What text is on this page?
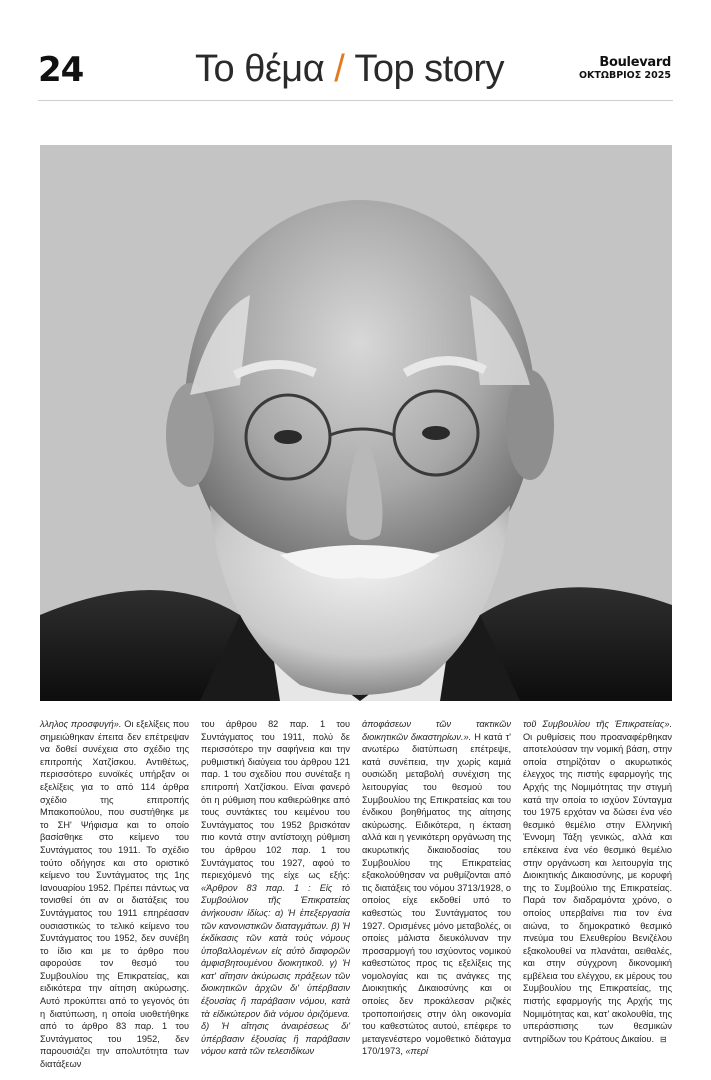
24	Το θέμα / Top story	Boulevard
ΟΚΤΩΒΡΙΟΣ 2025

λληλος προσφυγή». Οι εξελίξεις που σημειώθηκαν έπειτα δεν επέτρεψαν να δοθεί συνέχεια στο σχέδιο της επιτροπής Χατζίσκου. Αντιθέτως, περισσότερο ευνοϊκές υπήρξαν οι εξελίξεις για το από 114 άρθρα σχέδιο της επιτροπής Μπακοπούλου, που συστήθηκε με το ΣΗ' Ψήφισμα και το οποίο βασίσθηκε στο κείμενο του Συντάγματος του 1911. Το σχέδιο τούτο οδήγησε και στο οριστικό κείμενο του Συντάγματος της 1ης Ιανουαρίου 1952. Πρέπει πάντως να τονισθεί ότι αν οι διατάξεις του Συντάγματος του 1911 επηρέασαν ουσιαστικώς το τελικό κείμενο του Συντάγματος του 1952, δεν συνέβη το ίδιο και με το άρθρο που αφορούσε τον θεσμό του Συμβουλίου της Επικρατείας, και ειδικότερα την αίτηση ακύρωσης. Αυτό προκύπτει από το γεγονός ότι η διατύπωση, η οποία υιοθετήθηκε από το άρθρο 83 παρ. 1 του Συντάγματος του 1952, δεν παρουσιάζει την απολυτότητα των διατάξεων

του άρθρου 82 παρ. 1 του Συντάγματος του 1911, πολύ δε περισσότερο την σαφήνεια και την ρυθμιστική διαύγεια του άρθρου 121 παρ. 1 του σχεδίου που συνέταξε η επιτροπή Χατζίσκου. Είναι φανερό ότι η ρύθμιση που καθιερώθηκε από τους συντάκτες του κειμένου του Συντάγματος του 1952 βρισκόταν πιο κοντά στην αντίστοιχη ρύθμιση του άρθρου 102 παρ. 1 του Συντάγματος του 1927, αφού το περιεχόμενό της είχε ως εξής: «Άρθρον 83 παρ. 1 : Εἰς τὸ Συμβούλιον τῆς Ἐπικρατείας ἀνήκουσιν ἰδίως: α) Ἡ ἐπεξεργασία τῶν κανονιστικῶν διαταγμάτων. β) Ἡ ἐκδίκασις τῶν κατὰ τοὺς νόμους ὑποβαλλομένων εἰς αὐτὸ διαφορῶν ἀμφισβητουμένου διοικητικοῦ. γ) Ἡ κατ' αἴτησιν ἀκύρωσις πράξεων τῶν διοικητικῶν ἀρχῶν δι' ὑπέρβασιν ἐξουσίας ἢ παράβασιν νόμου, κατὰ τὰ εἰδικώτερον διὰ νόμου ὁριζόμενα. δ) Ἡ αἴτησις ἀναιρέσεως δι' ὑπέρβασιν ἐξουσίας ἢ παράβασιν νόμου κατὰ τῶν τελεσιδίκων

ἀποφάσεων τῶν τακτικῶν διοικητικῶν δικαστηρίων.». Η κατά τ' ανωτέρω διατύπωση επέτρεψε, κατά συνέπεια, την χωρίς καμιά ουσιώδη μεταβολή συνέχιση της λειτουργίας του θεσμού του Συμβουλίου της Επικρατείας και του ένδικου βοηθήματος της αίτησης ακύρωσης. Ειδικότερα, η έκταση αλλά και η γενικότερη οργάνωση της ακυρωτικής δικαιοδοσίας του Συμβουλίου της Επικρατείας εξακολούθησαν να ρυθμίζονται από τις διατάξεις του νόμου 3713/1928, ο οποίος είχε εκδοθεί υπό το καθεστώς του Συντάγματος του 1927. Ορισμένες μόνο μεταβολές, οι οποίες μάλιστα διευκόλυναν την προσαρμογή του ισχύοντος νομικού καθεστώτος προς τις εξελίξεις της νομολογίας και τις ανάγκες της Διοικητικής Δικαιοσύνης και οι οποίες δεν προκάλεσαν ριζικές τροποποιήσεις στην όλη οικονομία του καθεστώτος αυτού, επέφερε το μεταγενέστερο νομοθετικό διάταγμα 170/1973, «περί

τοῦ Συμβουλίου τῆς Ἐπικρατείας». Οι ρυθμίσεις που προαναφέρθηκαν αποτελούσαν την νομική βάση, στην οποία στηρίζόταν ο ακυρωτικός έλεγχος της πιστής εφαρμογής της Αρχής της Νομιμότητας την στιγμή κατά την οποία το ισχύον Σύνταγμα του 1975 ερχόταν να δώσει ένα νέο θεσμικό θεμέλιο στην Ελληνική Έννομη Τάξη γενικώς, αλλά και επέκεινα ένα νέο θεσμικό θεμέλιο στην οργάνωση και λειτουργία της Διοικητικής Δικαιοσύνης, με κορυφή της το Συμβούλιο της Επικρατείας. Παρά τον διαδραμόντα χρόνο, ο οποίος υπερβαίνει πια τον ένα αιώνα, το δημοκρατικό θεσμικό πνεύμα του Ελευθερίου Βενιζέλου εξακολουθεί να πλανάται, αειθαλές, και στην σύγχρονη δικονομική εμβέλεια του ελέγχου, εκ μέρους του Συμβουλίου της Επικρατείας, της πιστής εφαρμογής της Αρχής της Νομιμότητας και, κατ' ακολουθία, της υπεράσπισης των θεσμικών αντηρίδων του Κράτους Δικαίου. ⊟
